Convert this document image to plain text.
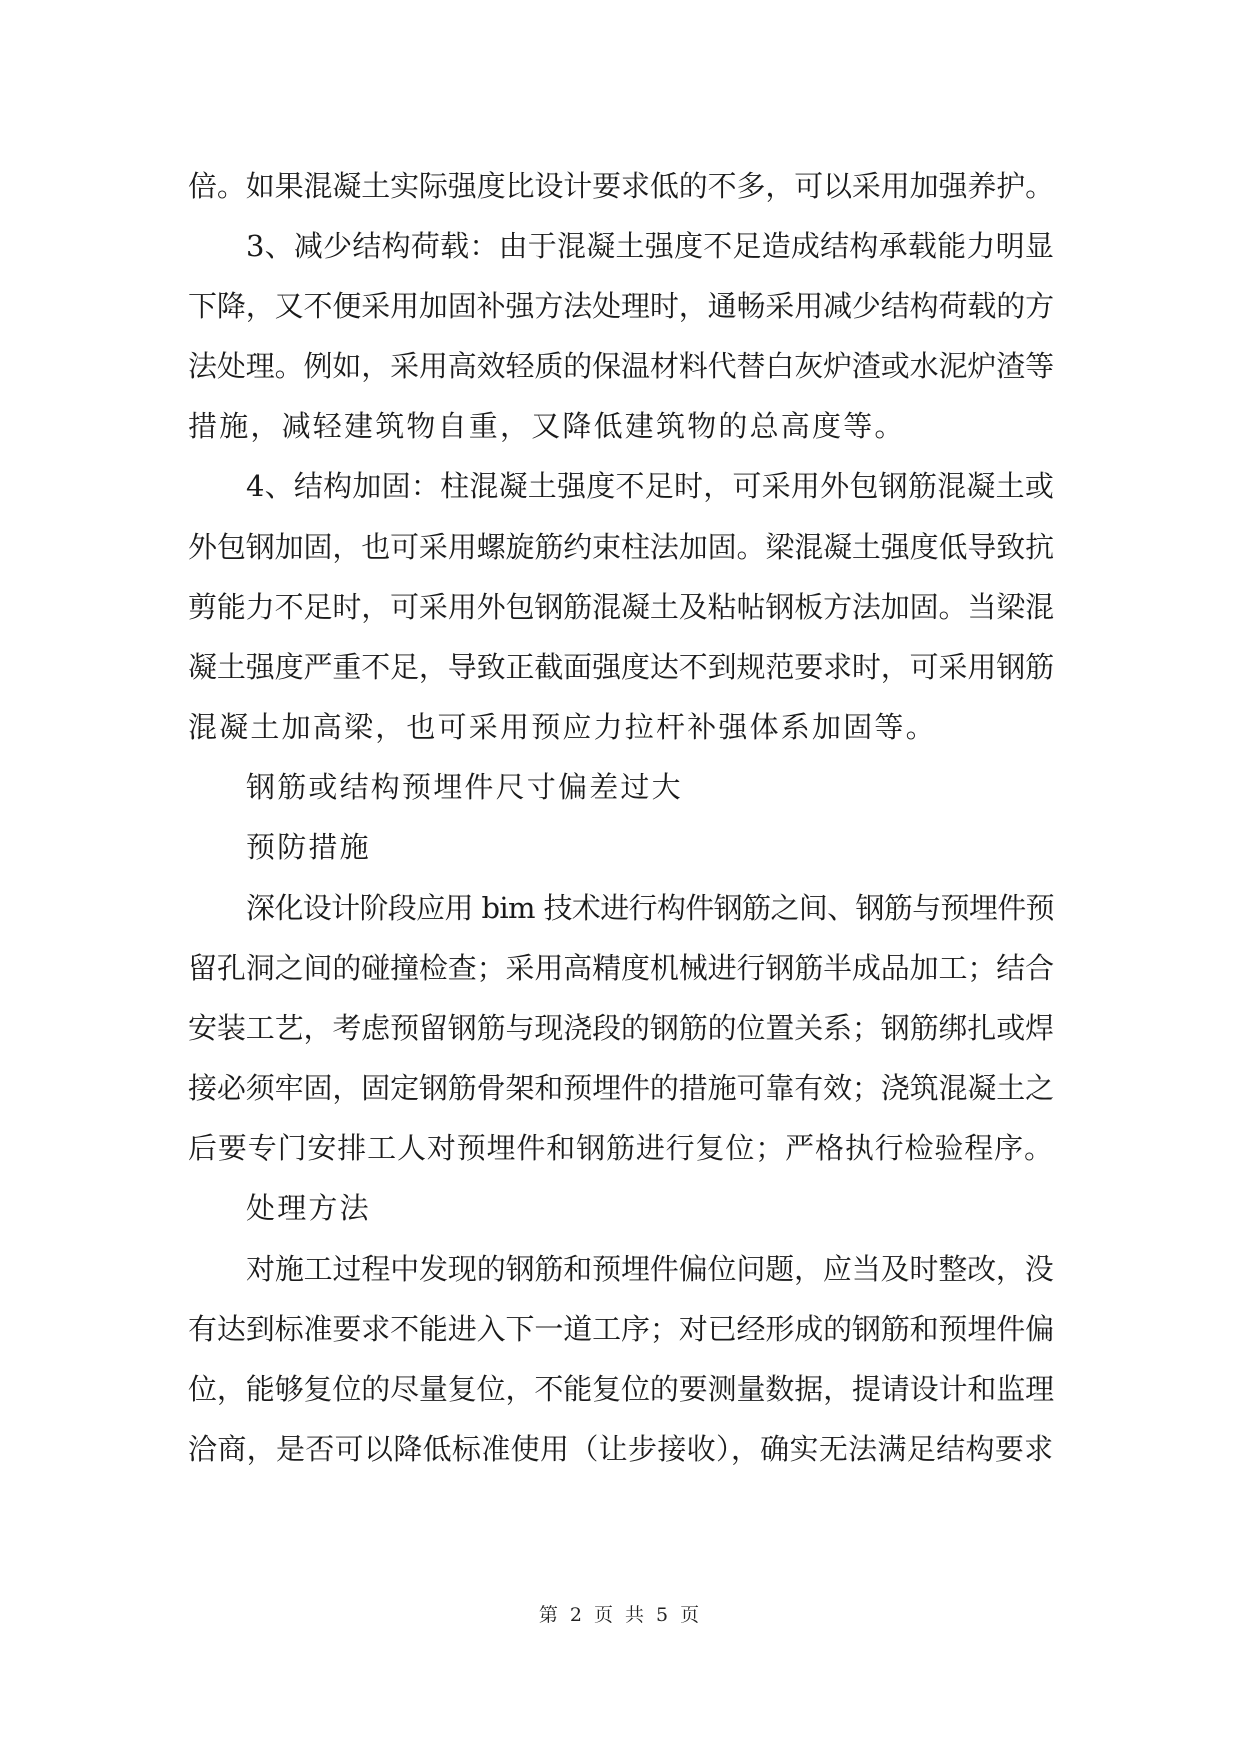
倍。如果混凝土实际强度比设计要求低的不多，可以采用加强养护。
3、减少结构荷载：由于混凝土强度不足造成结构承载能力明显
下降，又不便采用加固补强方法处理时，通畅采用减少结构荷载的方
法处理。例如，采用高效轻质的保温材料代替白灰炉渣或水泥炉渣等
措施，减轻建筑物自重，又降低建筑物的总高度等。
4、结构加固：柱混凝土强度不足时，可采用外包钢筋混凝土或
外包钢加固，也可采用螺旋筋约束柱法加固。梁混凝土强度低导致抗
剪能力不足时，可采用外包钢筋混凝土及粘帖钢板方法加固。当梁混
凝土强度严重不足，导致正截面强度达不到规范要求时，可采用钢筋
混凝土加高梁，也可采用预应力拉杆补强体系加固等。
钢筋或结构预埋件尺寸偏差过大
预防措施
深化设计阶段应用 bim 技术进行构件钢筋之间、钢筋与预埋件预
留孔洞之间的碰撞检查；采用高精度机械进行钢筋半成品加工；结合
安装工艺，考虑预留钢筋与现浇段的钢筋的位置关系；钢筋绑扎或焊
接必须牢固，固定钢筋骨架和预埋件的措施可靠有效；浇筑混凝土之
后要专门安排工人对预埋件和钢筋进行复位；严格执行检验程序。
处理方法
对施工过程中发现的钢筋和预埋件偏位问题，应当及时整改，没
有达到标准要求不能进入下一道工序；对已经形成的钢筋和预埋件偏
位，能够复位的尽量复位，不能复位的要测量数据，提请设计和监理
洽商，是否可以降低标准使用（让步接收），确实无法满足结构要求
第 2 页 共 5 页
